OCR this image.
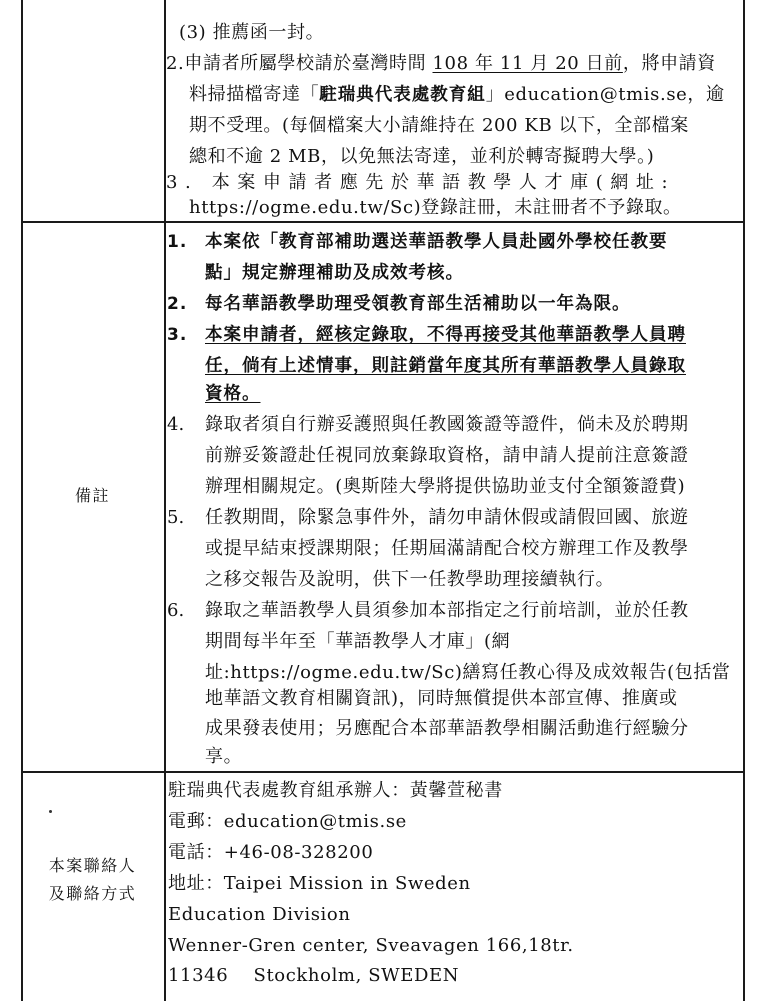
(3) 推薦函一封。
2.申請者所屬學校請於臺灣時間 108 年 11 月 20 日前，將申請資
料掃描檔寄達「駐瑞典代表處教育組」education@tmis.se，逾
期不受理。(每個檔案大小請維持在 200 KB 以下，全部檔案
總和不逾 2 MB，以免無法寄達，並利於轉寄擬聘大學。)
3. 本案申請者應先於華語教學人才庫(網址:
https://ogme.edu.tw/Sc)登錄註冊，未註冊者不予錄取。
備註
1. 本案依「教育部補助選送華語教學人員赴國外學校任教要
點」規定辦理補助及成效考核。
2. 每名華語教學助理受領教育部生活補助以一年為限。
3. 本案申請者，經核定錄取，不得再接受其他華語教學人員聘
任，倘有上述情事，則註銷當年度其所有華語教學人員錄取
資格。
4. 錄取者須自行辦妥護照與任教國簽證等證件，倘未及於聘期
前辦妥簽證赴任視同放棄錄取資格，請申請人提前注意簽證
辦理相關規定。(奧斯陸大學將提供協助並支付全額簽證費)
5. 任教期間，除緊急事件外，請勿申請休假或請假回國、旅遊
或提早結束授課期限；任期屆滿請配合校方辦理工作及教學
之移交報告及說明，供下一任教學助理接續執行。
6. 錄取之華語教學人員須參加本部指定之行前培訓，並於任教
期間每半年至「華語教學人才庫」(網
址:https://ogme.edu.tw/Sc)繕寫任教心得及成效報告(包括當
地華語文教育相關資訊)，同時無償提供本部宣傳、推廣或
成果發表使用；另應配合本部華語教學相關活動進行經驗分
享。
本案聯絡人
及聯絡方式
駐瑞典代表處教育組承辦人：黃馨萱秘書
電郵：education@tmis.se
電話：+46-08-328200
地址：Taipei Mission in Sweden
Education Division
Wenner-Gren center, Sveavagen 166,18tr.
11346    Stockholm, SWEDEN
